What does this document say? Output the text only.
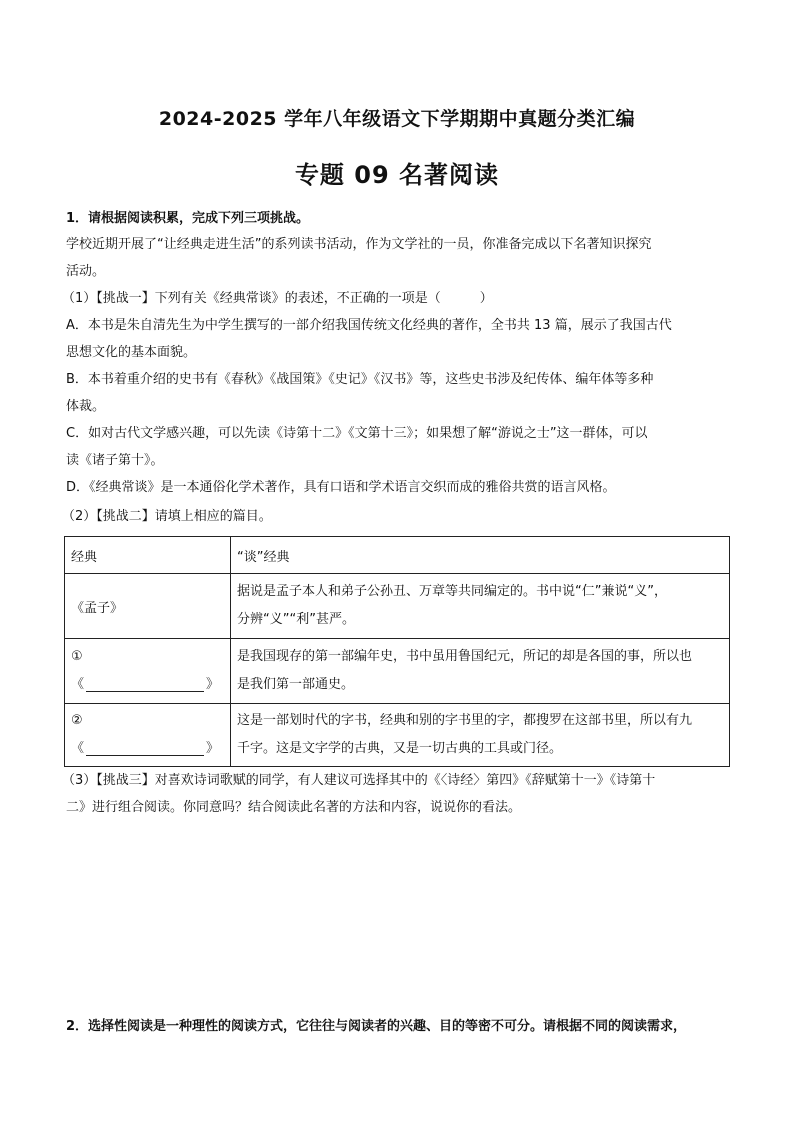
2024-2025 学年八年级语文下学期期中真题分类汇编
专题 09 名著阅读
1．请根据阅读积累，完成下列三项挑战。
学校近期开展了“让经典走进生活”的系列读书活动，作为文学社的一员，你准备完成以下名著知识探究
活动。
（1）【挑战一】下列有关《经典常谈》的表述，不正确的一项是（　　　）
A．本书是朱自清先生为中学生撰写的一部介绍我国传统文化经典的著作，全书共 13 篇，展示了我国古代
思想文化的基本面貌。
B．本书着重介绍的史书有《春秋》《战国策》《史记》《汉书》等，这些史书涉及纪传体、编年体等多种
体裁。
C．如对古代文学感兴趣，可以先读《诗第十二》《文第十三》；如果想了解“游说之士”这一群体，可以
读《诸子第十》。
D．《经典常谈》是一本通俗化学术著作，具有口语和学术语言交织而成的雅俗共赏的语言风格。
（2）【挑战二】请填上相应的篇目。
经典	“谈”经典
《孟子》	据说是孟子本人和弟子公孙丑、万章等共同编定的。书中说“仁”兼说“义”，
分辨“义”“利”甚严。

①
《 》	是我国现存的第一部编年史，书中虽用鲁国纪元，所记的却是各国的事，所以也
是我们第一部通史。

②
《 》	这是一部划时代的字书，经典和别的字书里的字，都搜罗在这部书里，所以有九
千字。这是文字学的古典，又是一切古典的工具或门径。
（3）【挑战三】对喜欢诗词歌赋的同学，有人建议可选择其中的《〈诗经〉第四》《辞赋第十一》《诗第十
二》进行组合阅读。你同意吗？结合阅读此名著的方法和内容，说说你的看法。
2．选择性阅读是一种理性的阅读方式，它往往与阅读者的兴趣、目的等密不可分。请根据不同的阅读需求，
